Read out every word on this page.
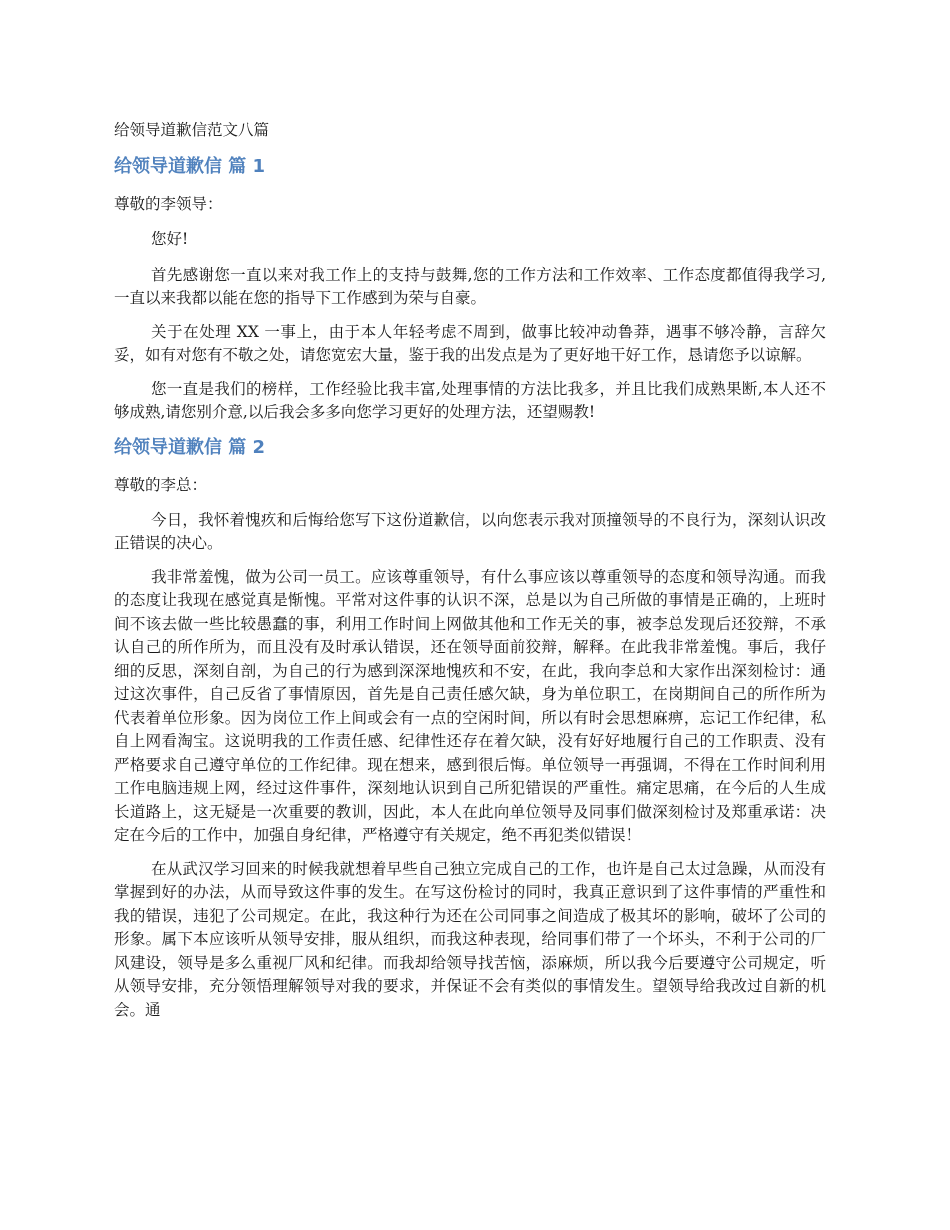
给领导道歉信范文八篇
给领导道歉信 篇 1
尊敬的李领导：

您好!

首先感谢您一直以来对我工作上的支持与鼓舞,您的工作方法和工作效率、工作态度都值得我学习,一直以来我都以能在您的指导下工作感到为荣与自豪。

关于在处理 XX 一事上，由于本人年轻考虑不周到，做事比较冲动鲁莽，遇事不够冷静，言辞欠妥，如有对您有不敬之处，请您宽宏大量，鉴于我的出发点是为了更好地干好工作，恳请您予以谅解。

您一直是我们的榜样，工作经验比我丰富,处理事情的方法比我多，并且比我们成熟果断,本人还不够成熟,请您别介意,以后我会多多向您学习更好的处理方法，还望赐教!

给领导道歉信 篇 2
尊敬的李总：

今日，我怀着愧疚和后悔给您写下这份道歉信，以向您表示我对顶撞领导的不良行为，深刻认识改正错误的决心。

我非常羞愧，做为公司一员工。应该尊重领导，有什么事应该以尊重领导的态度和领导沟通。而我的态度让我现在感觉真是惭愧。平常对这件事的认识不深，总是以为自己所做的事情是正确的，上班时间不该去做一些比较愚蠢的事，利用工作时间上网做其他和工作无关的事，被李总发现后还狡辩，不承认自己的所作所为，而且没有及时承认错误，还在领导面前狡辩，解释。在此我非常羞愧。事后，我仔细的反思，深刻自剖，为自己的行为感到深深地愧疚和不安，在此，我向李总和大家作出深刻检讨：通过这次事件，自己反省了事情原因，首先是自己责任感欠缺，身为单位职工，在岗期间自己的所作所为代表着单位形象。因为岗位工作上间或会有一点的空闲时间，所以有时会思想麻痹，忘记工作纪律，私自上网看淘宝。这说明我的工作责任感、纪律性还存在着欠缺，没有好好地履行自己的工作职责、没有严格要求自己遵守单位的工作纪律。现在想来，感到很后悔。单位领导一再强调，不得在工作时间利用工作电脑违规上网，经过这件事件，深刻地认识到自己所犯错误的严重性。痛定思痛，在今后的人生成长道路上，这无疑是一次重要的教训，因此，本人在此向单位领导及同事们做深刻检讨及郑重承诺：决定在今后的工作中，加强自身纪律，严格遵守有关规定，绝不再犯类似错误！

在从武汉学习回来的时候我就想着早些自己独立完成自己的工作，也许是自己太过急躁，从而没有掌握到好的办法，从而导致这件事的发生。在写这份检讨的同时，我真正意识到了这件事情的严重性和我的错误，违犯了公司规定。在此，我这种行为还在公司同事之间造成了极其坏的影响，破坏了公司的形象。属下本应该听从领导安排，服从组织，而我这种表现，给同事们带了一个坏头，不利于公司的厂风建设，领导是多么重视厂风和纪律。而我却给领导找苦恼，添麻烦，所以我今后要遵守公司规定，听从领导安排，充分领悟理解领导对我的要求，并保证不会有类似的事情发生。望领导给我改过自新的机会。通
